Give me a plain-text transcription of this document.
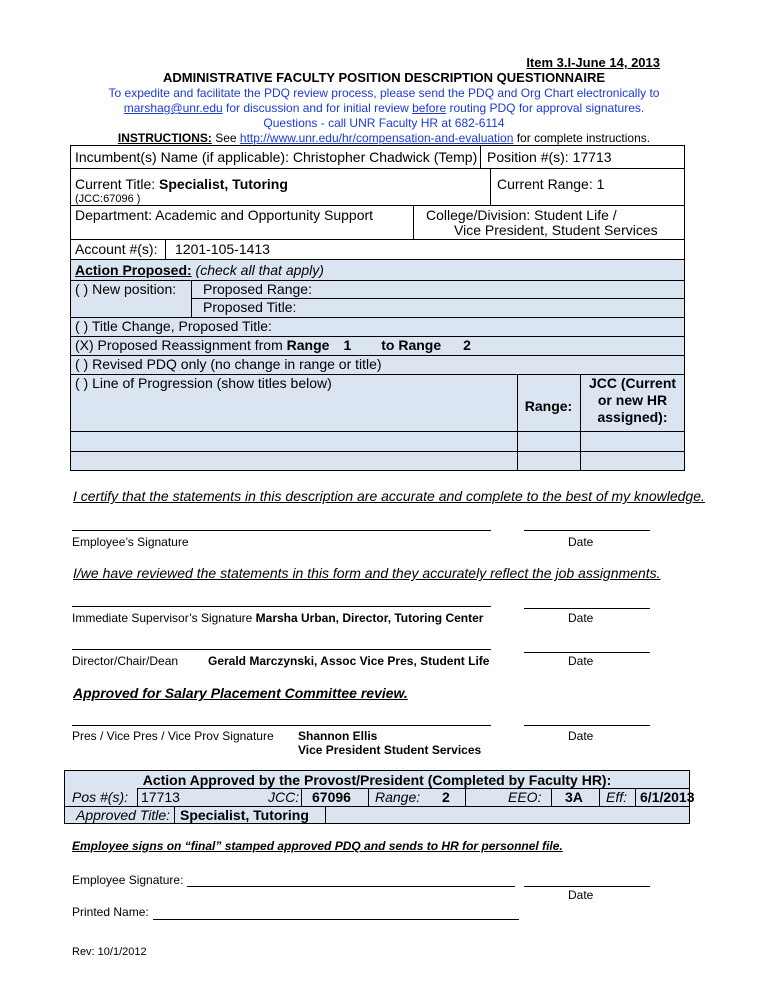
Item 3.I-June 14, 2013
ADMINISTRATIVE FACULTY POSITION DESCRIPTION QUESTIONNAIRE
To expedite and facilitate the PDQ review process, please send the PDQ and Org Chart electronically to
marshag@unr.edu for discussion and for initial review before routing PDQ for approval signatures.
Questions - call UNR Faculty HR at 682-6114
INSTRUCTIONS: See http://www.unr.edu/hr/compensation-and-evaluation for complete instructions.
Incumbent(s) Name (if applicable): Christopher Chadwick (Temp) Position #(s): 17713
Current Title: Specialist, Tutoring
(JCC:67096 )
Current Range: 1
Department: Academic and Opportunity Support	College/Division: Student Life /
Vice President, Student Services
Account #(s): 1201-105-1413
Action Proposed: (check all that apply)
( ) New position: Proposed Range:
Proposed Title:
( ) Title Change, Proposed Title:
(X) Proposed Reassignment from Range 1 to Range 2
( ) Revised PDQ only (no change in range or title)
( ) Line of Progression (show titles below)
Range:
JCC (Current
or new HR
assigned):
I certify that the statements in this description are accurate and complete to the best of my knowledge.
Employee’s Signature	Date
I/we have reviewed the statements in this form and they accurately reflect the job assignments.
Immediate Supervisor’s Signature Marsha Urban, Director, Tutoring Center	Date
Director/Chair/Dean Gerald Marczynski, Assoc Vice Pres, Student Life	Date
Approved for Salary Placement Committee review.
Pres / Vice Pres / Vice Prov Signature Shannon Ellis
Vice President Student Services
Date
Action Approved by the Provost/President (Completed by Faculty HR):
Pos #(s): 17713	JCC: 67096 Range: 2	EEO: 3A Eff: 6/1/2013
Approved Title: Specialist, Tutoring
Employee signs on “final” stamped approved PDQ and sends to HR for personnel file.
Employee Signature:
Date
Printed Name:
Rev: 10/1/2012
